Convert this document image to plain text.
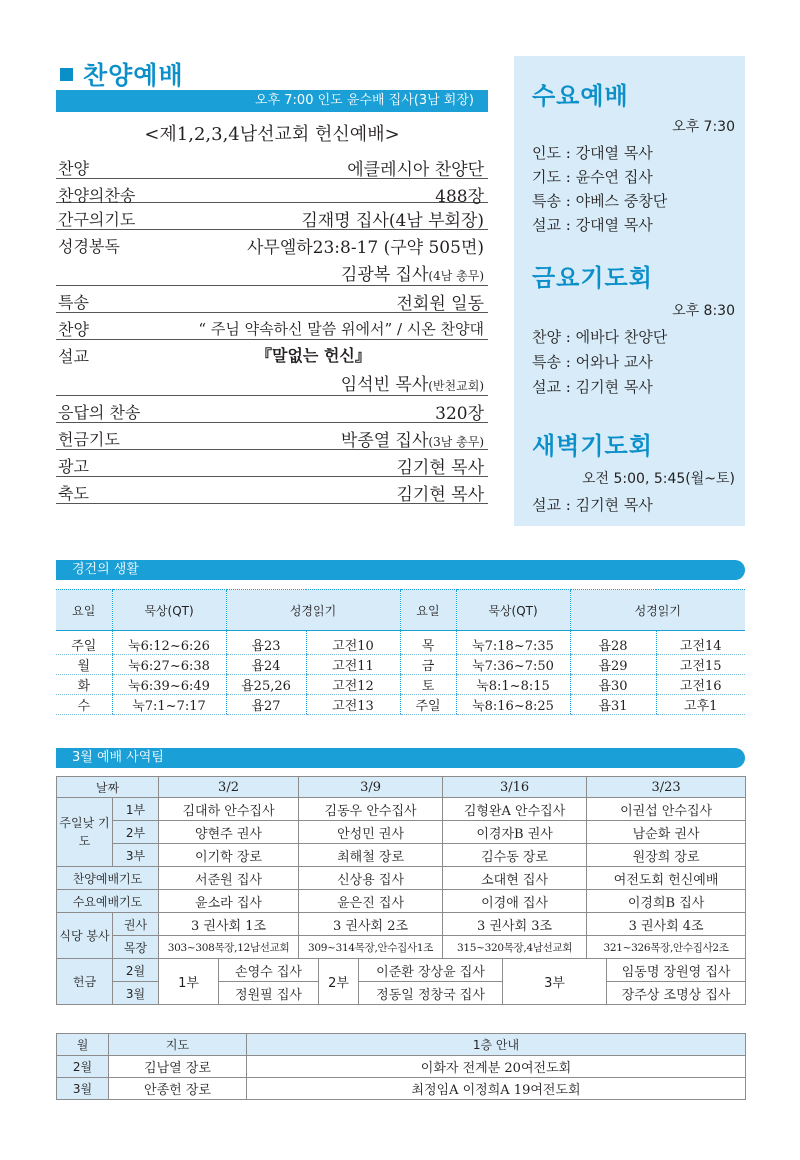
찬양예배
오후 7:00 인도 윤수배 집사(3남 회장)
<제1,2,3,4남선교회 헌신예배>
찬양	에클레시아 찬양단
찬양의찬송	488장
간구의기도	김재명 집사(4남 부회장)
성경봉독	사무엘하23:8-17 (구약 505면)
김광복 집사(4남 총무)
특송	전회원 일동
찬양	“ 주님 약속하신 말씀 위에서” / 시온 찬양대
설교	『말없는 헌신』
임석빈 목사(반천교회)
응답의 찬송	320장
헌금기도	박종열 집사(3남 총무)
광고	김기현 목사
축도	김기현 목사
수요예배
오후 7:30
인도 : 강대열 목사
기도 : 윤수연 집사
특송 : 야베스 중창단
설교 : 강대열 목사
금요기도회
오후 8:30
찬양 : 에바다 찬양단
특송 : 어와나 교사
설교 : 김기현 목사
새벽기도회
오전 5:00, 5:45(월~토)
설교 : 김기현 목사
경건의 생활
요일	묵상(QT)	성경읽기		요일	묵상(QT)	성경읽기	
주일	눅6:12~6:26	욥23	고전10	목	눅7:18~7:35	욥28	고전14
월	눅6:27~6:38	욥24	고전11	금	눅7:36~7:50	욥29	고전15
화	눅6:39~6:49	욥25,26	고전12	토	눅8:1~8:15	욥30	고전16
수	눅7:1~7:17	욥27	고전13	주일	눅8:16~8:25	욥31	고후1
3월 예배 사역팀
날짜		3/2		3/9			3/16		3/23	
주일낮 기도	1부	김대하 안수집사		김동우 안수집사			김형완A 안수집사		이권섭 안수집사	
	2부	양현주 권사		안성민 권사			이경자B 권사		남순화 권사	
	3부	이기학 장로		최해철 장로			김수동 장로		원장희 장로	
찬양예배기도		서준원 집사		신상용 집사			소대현 집사		여전도회 헌신예배	
수요예배기도		윤소라 집사		윤은진 집사			이경애 집사		이경희B 집사	
식당 봉사	권사	3 권사회 1조		3 권사회 2조			3 권사회 3조		3 권사회 4조	
	목장	303~308목장,12남선교회		309~314목장,안수집사1조			315~320목장,4남선교회		321~326목장,안수집사2조	
헌금	2월	1부	손영수 집사		2부	이준환 장상윤 집사		3부		임동명 장원영 집사
	3월		정원필 집사			정동일 정창국 집사				장주상 조명상 집사
월	지도	1층 안내
2월	김남열 장로	이화자 전계분 20여전도회
3월	안종헌 장로	최정임A 이정희A 19여전도회
